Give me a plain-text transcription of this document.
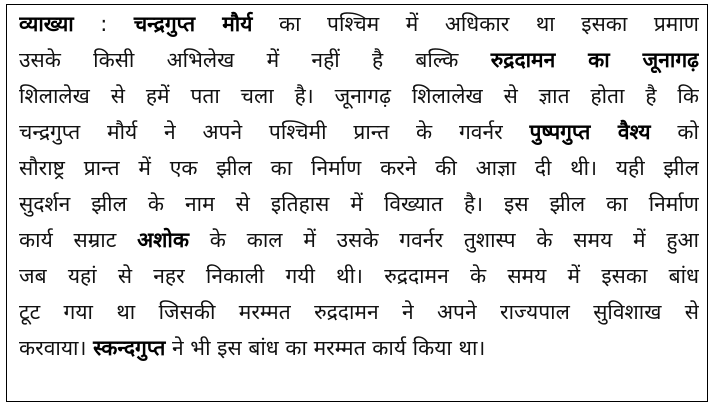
व्याख्या : चन्द्रगुप्त मौर्य का पश्चिम में अधिकार था इसका प्रमाण
उसके किसी अभिलेख में नहीं है बल्कि रुद्रदामन का जूनागढ़
शिलालेख से हमें पता चला है। जूनागढ़ शिलालेख से ज्ञात होता है कि
चन्द्रगुप्त मौर्य ने अपने पश्चिमी प्रान्त के गवर्नर पुष्पगुप्त वैश्य को
सौराष्ट्र प्रान्त में एक झील का निर्माण करने की आज्ञा दी थी। यही झील
सुदर्शन झील के नाम से इतिहास में विख्यात है। इस झील का निर्माण
कार्य सम्राट अशोक के काल में उसके गवर्नर तुशास्प के समय में हुआ
जब यहां से नहर निकाली गयी थी। रुद्रदामन के समय में इसका बांध
टूट गया था जिसकी मरम्मत रुद्रदामन ने अपने राज्यपाल सुविशाख से
करवाया। स्कन्दगुप्त ने भी इस बांध का मरम्मत कार्य किया था।
